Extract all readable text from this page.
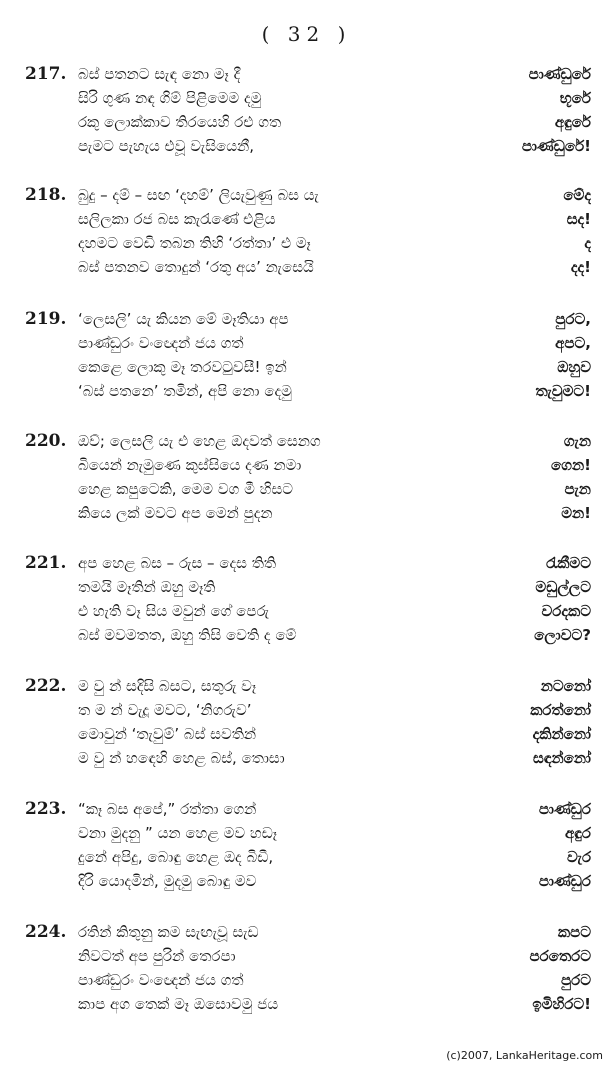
( 32 )
217. බස් පතනට සැඳ නො මෑ දී	පාණ්ඩුරේ
සිරි ගුණ නඳ ගිම් පිළිමෙම දමු	භූරේ
රකු ලොක්කාව තිරයෙහි රළු ගත	අඳුරේ
පැමට පැහැය එවූ වැසියෙනී,	පාණ්ඩුරේ!
218. බුදු – දම් – සඟ ‘දහම්’ ලියැවුණු බස යැ	මේද
සලිලකා රජ බස කැරැණේ එළිය	සද!
දහමට වෙඩි තබන තිහි ‘රත්තා’ එ මෑ	ද
බස් පතනව තොදුන් ‘රතු අය’ නැසෙයි	දද!
219. ‘ලෙසලි’ යැ කියන මේ මෑතියා අප	පුරට,
පාණ්ඩුරං වංඥෙන් ජය ගත්	අපට,
කෙළෙ ලොකු මෑ තරවටුවසී! ඉන්	ඔහුව
‘බස් පතනෙ’ තමින්, අපි නො දෙමු	තැවුමට!
220. ඔව්; ලෙසලි යැ එ හෙළ ඔදවත් සෙනග	ගැන
බියෙන් නැමුණෙ කුස්සියෙ දණ නමා	ගෙන!
හෙළ කපුටෙකි, මෙම වග මී හිසට	පැන
කියෙ ලක් මවට අප මෙන් පුදන	මන!
221. අප හෙළ බස – රුස – දෙස තිති	රැකීමට
තමයි මෑතින් ඔහු මෑති	මඩුල්ලට
එ හැති වෑ සිය මවුන් ගේ පෙරු	වරදකට
බස් මවමතත, ඔහු තිසි වෙති ද මේ	ලොවට?
222. ම වු න් සදිසි බසට, සතුරු වෑ	නටනෝ
ත ම න් වැදූ මවට, ‘නිගරුව’	කරත්නෝ
මොවුන් ‘තැවුම්’ බස් සවතින්	දකින්නෝ
ම වු න් හඳෙහි හෙළ බස්, තොසා	සඳන්නෝ
223. “කෑ බස අපේ,” රත්තා ගෙන්	පාණ්ඩුර
වනා මුදනු ” යන හෙළ මව හඩෑ	අඳුර
දුනේ අපිදු, බොඳු හෙළ ඔද බිඩී,	වැර
දිරි යොදමින්, මුදමු බොඳු මව	පාණ්ඩුර
224. රතින් කිතුනු කම සැඟැවූ සැඩ	කපට
නිවටත් අප පුරින් තෙරපා	පරතෙරට
පාණ්ඩුරං වංඥෙන් ජය ගත්	පුරට
කාප අග තෙක් මෑ ඔසොවමු ජය	ඉමිහිරට!
(c)2007, LankaHeritage.com
